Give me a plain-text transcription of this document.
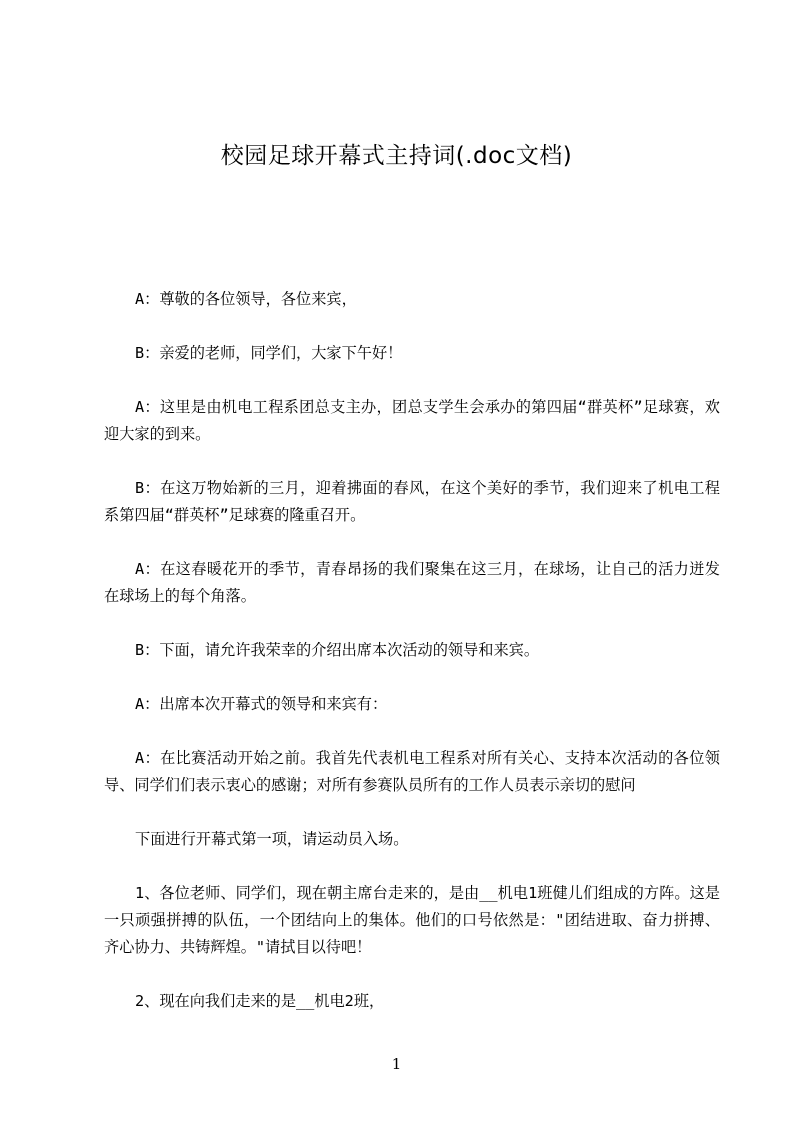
校园足球开幕式主持词(.doc文档)

A：尊敬的各位领导，各位来宾，

B：亲爱的老师，同学们，大家下午好！

A：这里是由机电工程系团总支主办，团总支学生会承办的第四届“群英杯”足球赛，欢迎大家的到来。

B：在这万物始新的三月，迎着拂面的春风，在这个美好的季节，我们迎来了机电工程系第四届“群英杯”足球赛的隆重召开。

A：在这春暖花开的季节，青春昂扬的我们聚集在这三月，在球场，让自己的活力迸发在球场上的每个角落。

B：下面，请允许我荣幸的介绍出席本次活动的领导和来宾。

A：出席本次开幕式的领导和来宾有：

A：在比赛活动开始之前。我首先代表机电工程系对所有关心、支持本次活动的各位领导、同学们们表示衷心的感谢；对所有参赛队员所有的工作人员表示亲切的慰问

下面进行开幕式第一项，请运动员入场。

1、各位老师、同学们，现在朝主席台走来的，是由__机电1班健儿们组成的方阵。这是一只顽强拼搏的队伍，一个团结向上的集体。他们的口号依然是："团结进取、奋力拼搏、齐心协力、共铸辉煌。"请拭目以待吧！

2、现在向我们走来的是__机电2班，

1
